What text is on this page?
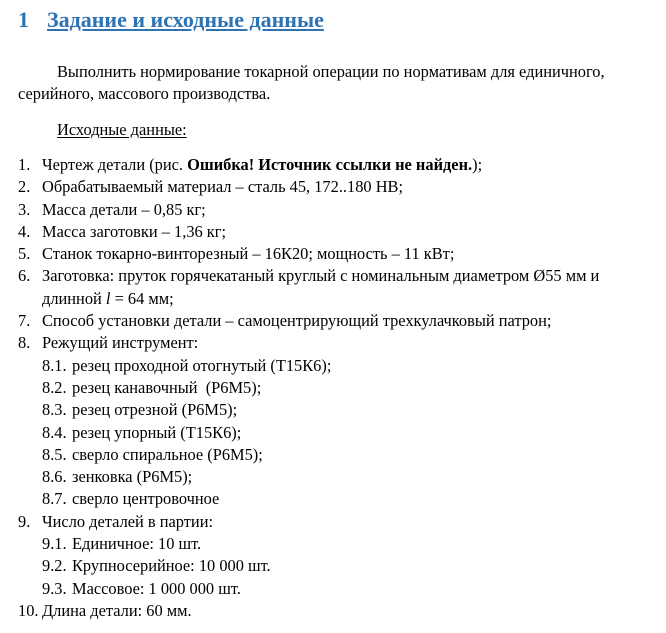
1 Задание и исходные данные
Выполнить нормирование токарной операции по нормативам для единичного,
серийного, массового производства.
Исходные данные:
1. Чертеж детали (рис. Ошибка! Источник ссылки не найден.);
2. Обрабатываемый материал – сталь 45, 172..180 HB;
3. Масса детали – 0,85 кг;
4. Масса заготовки – 1,36 кг;
5. Станок токарно-винторезный – 16К20; мощность – 11 кВт;
6. Заготовка: пруток горячекатаный круглый с номинальным диаметром Ø55 мм и
длинной l = 64 мм;
7. Способ установки детали – самоцентрирующий трехкулачковый патрон;
8. Режущий инструмент:
8.1. резец проходной отогнутый (Т15К6);
8.2. резец канавочный  (Р6М5);
8.3. резец отрезной (Р6М5);
8.4. резец упорный (Т15К6);
8.5. сверло спиральное (Р6М5);
8.6. зенковка (Р6М5);
8.7. сверло центровочное
9. Число деталей в партии:
9.1. Единичное: 10 шт.
9.2. Крупносерийное: 10 000 шт.
9.3. Массовое: 1 000 000 шт.
10. Длина детали: 60 мм.
